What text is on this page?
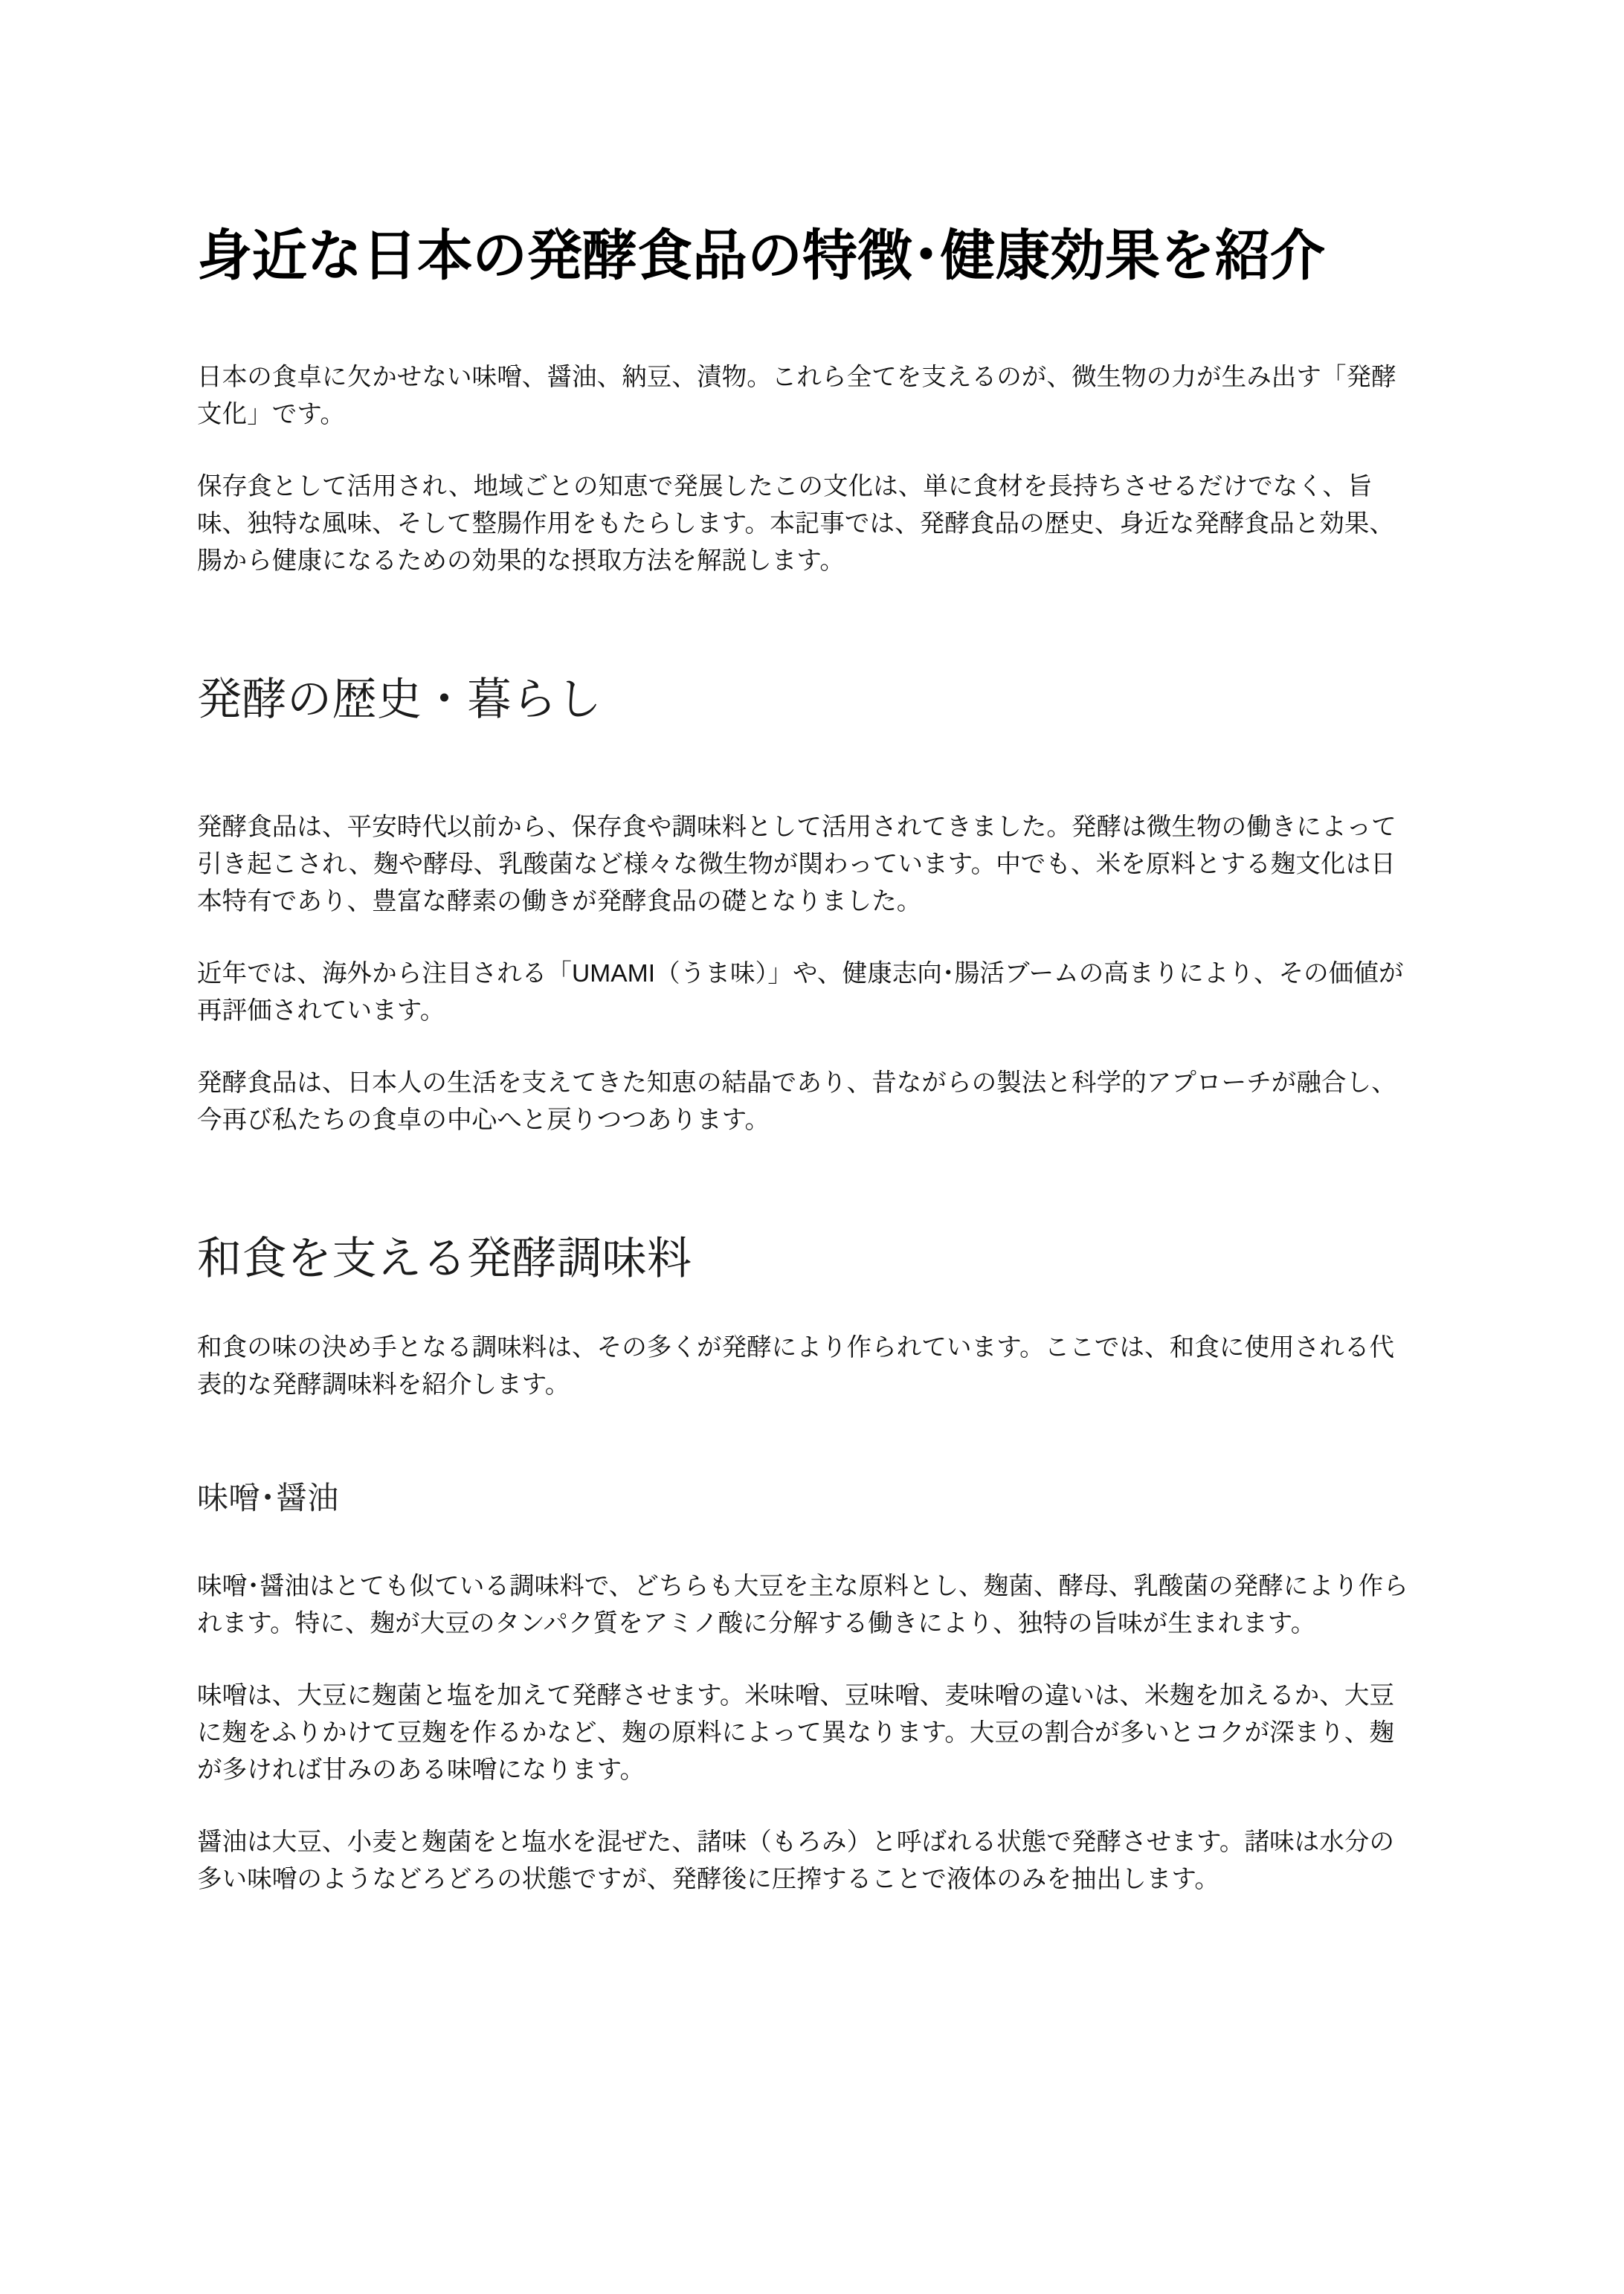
身近な日本の発酵食品の特徴･健康効果を紹介

日本の食卓に欠かせない味噌、醤油、納豆、漬物。これら全てを支えるのが、微生物の力が生み出す「発酵文化」です。

保存食として活用され、地域ごとの知恵で発展したこの文化は、単に食材を長持ちさせるだけでなく、旨味、独特な風味、そして整腸作用をもたらします。本記事では、発酵食品の歴史、身近な発酵食品と効果、腸から健康になるための効果的な摂取方法を解説します。

発酵の歴史・暮らし

発酵食品は、平安時代以前から、保存食や調味料として活用されてきました。発酵は微生物の働きによって引き起こされ、麹や酵母、乳酸菌など様々な微生物が関わっています。中でも、米を原料とする麹文化は日本特有であり、豊富な酵素の働きが発酵食品の礎となりました。

近年では、海外から注目される「UMAMI（うま味）」や、健康志向･腸活ブームの高まりにより、その価値が再評価されています。

発酵食品は、日本人の生活を支えてきた知恵の結晶であり、昔ながらの製法と科学的アプローチが融合し、今再び私たちの食卓の中心へと戻りつつあります。

和食を支える発酵調味料

和食の味の決め手となる調味料は、その多くが発酵により作られています。ここでは、和食に使用される代表的な発酵調味料を紹介します。

味噌･醤油

味噌･醤油はとても似ている調味料で、どちらも大豆を主な原料とし、麹菌、酵母、乳酸菌の発酵により作られます。特に、麹が大豆のタンパク質をアミノ酸に分解する働きにより、独特の旨味が生まれます。

味噌は、大豆に麹菌と塩を加えて発酵させます。米味噌、豆味噌、麦味噌の違いは、米麹を加えるか、大豆に麹をふりかけて豆麹を作るかなど、麹の原料によって異なります。大豆の割合が多いとコクが深まり、麹が多ければ甘みのある味噌になります。

醤油は大豆、小麦と麹菌をと塩水を混ぜた、諸味（もろみ）と呼ばれる状態で発酵させます。諸味は水分の多い味噌のようなどろどろの状態ですが、発酵後に圧搾することで液体のみを抽出します。
